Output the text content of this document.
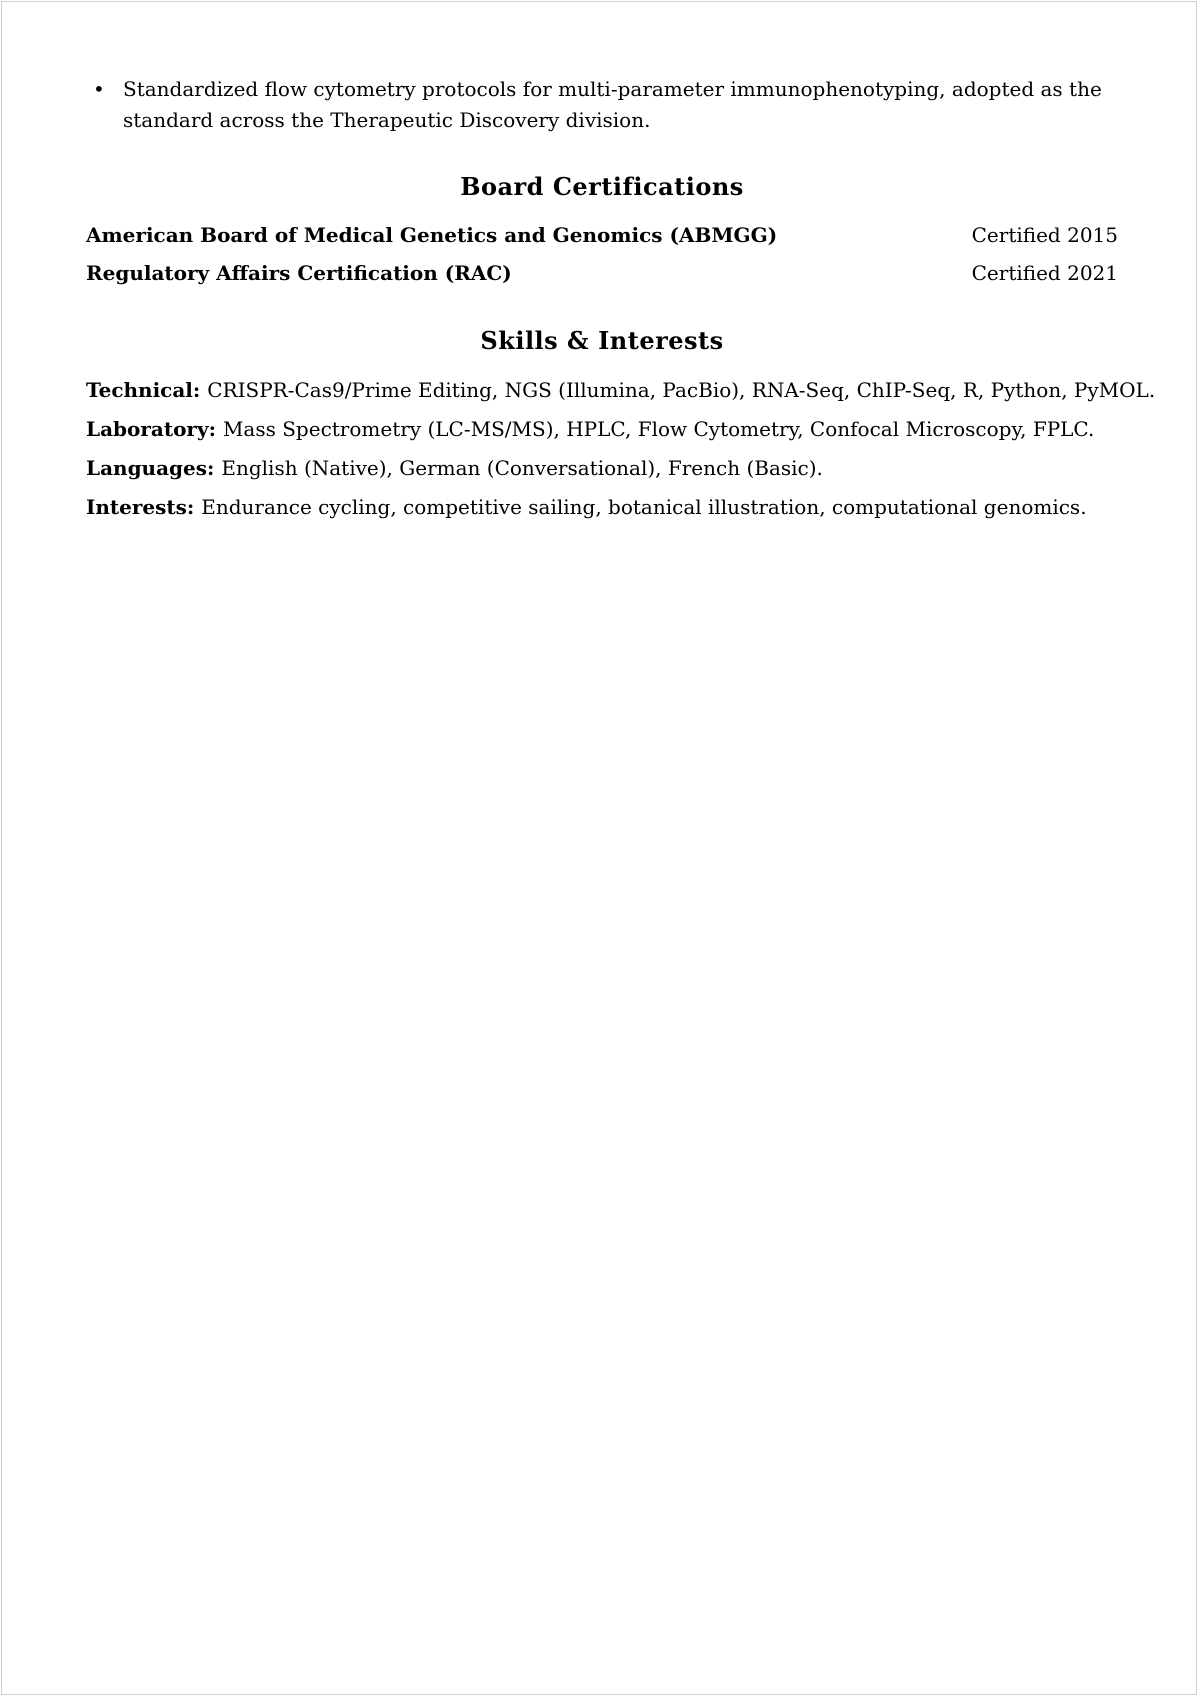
• Standardized flow cytometry protocols for multi-parameter immunophenotyping, adopted as the standard across the Therapeutic Discovery division.
Board Certifications
American Board of Medical Genetics and Genomics (ABMGG)	Certified 2015
Regulatory Affairs Certification (RAC)	Certified 2021
Skills & Interests
Technical: CRISPR-Cas9/Prime Editing, NGS (Illumina, PacBio), RNA-Seq, ChIP-Seq, R, Python, PyMOL.
Laboratory: Mass Spectrometry (LC-MS/MS), HPLC, Flow Cytometry, Confocal Microscopy, FPLC.
Languages: English (Native), German (Conversational), French (Basic).
Interests: Endurance cycling, competitive sailing, botanical illustration, computational genomics.
